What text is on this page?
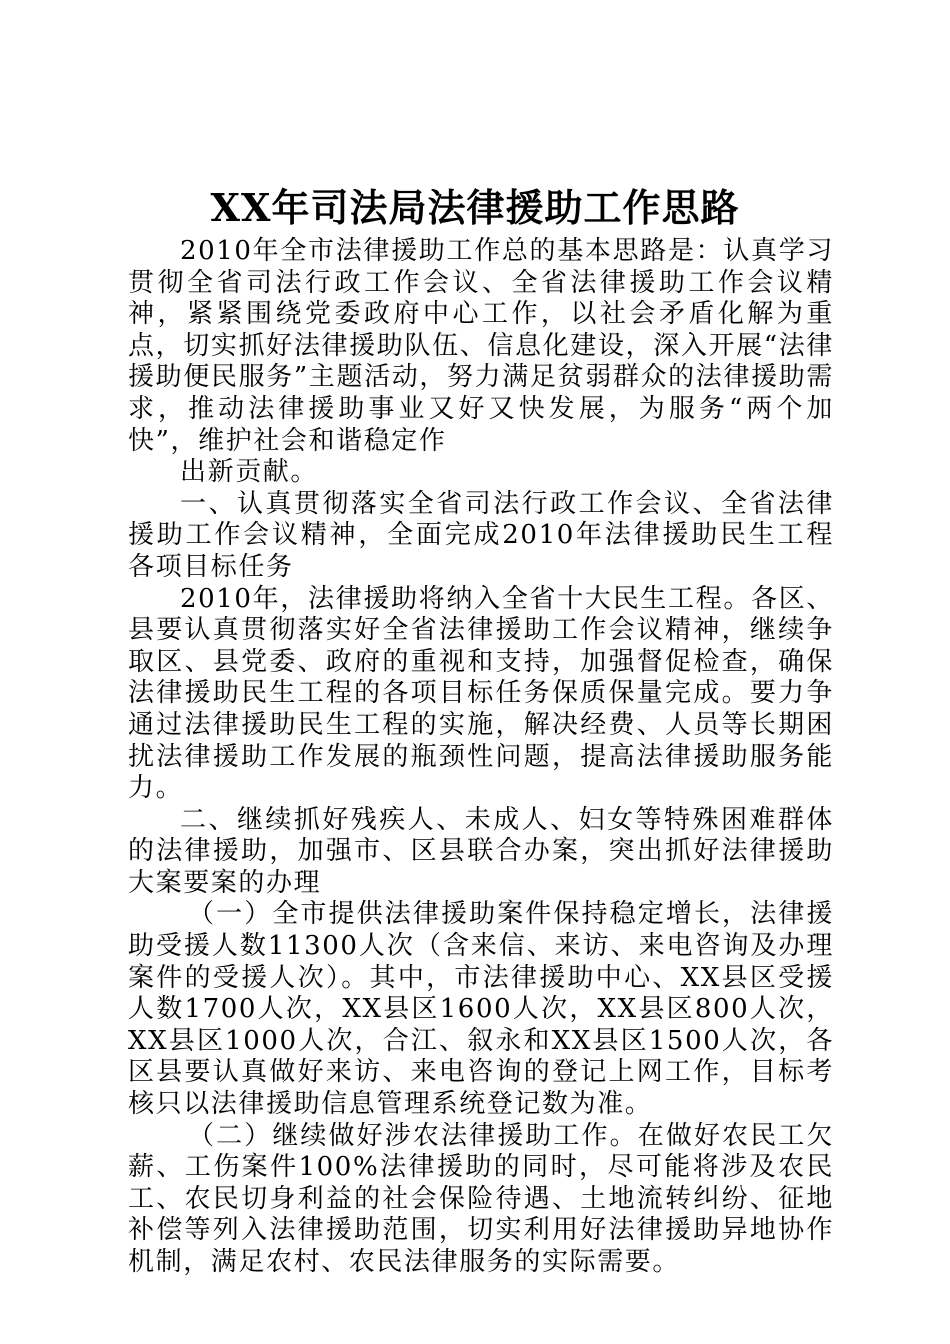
XX年司法局法律援助工作思路

2010年全市法律援助工作总的基本思路是：认真学习贯彻全省司法行政工作会议、全省法律援助工作会议精神，紧紧围绕党委政府中心工作，以社会矛盾化解为重点，切实抓好法律援助队伍、信息化建设，深入开展“法律援助便民服务”主题活动，努力满足贫弱群众的法律援助需求，推动法律援助事业又好又快发展，为服务“两个加快”，维护社会和谐稳定作

出新贡献。

一、认真贯彻落实全省司法行政工作会议、全省法律援助工作会议精神，全面完成2010年法律援助民生工程各项目标任务

2010年，法律援助将纳入全省十大民生工程。各区、县要认真贯彻落实好全省法律援助工作会议精神，继续争取区、县党委、政府的重视和支持，加强督促检查，确保法律援助民生工程的各项目标任务保质保量完成。要力争通过法律援助民生工程的实施，解决经费、人员等长期困扰法律援助工作发展的瓶颈性问题，提高法律援助服务能力。

二、继续抓好残疾人、未成人、妇女等特殊困难群体的法律援助，加强市、区县联合办案，突出抓好法律援助大案要案的办理

（一）全市提供法律援助案件保持稳定增长，法律援助受援人数11300人次（含来信、来访、来电咨询及办理案件的受援人次）。其中，市法律援助中心、XX县区受援人数1700人次，XX县区1600人次，XX县区800人次，XX县区1000人次，合江、叙永和XX县区1500人次，各区县要认真做好来访、来电咨询的登记上网工作，目标考核只以法律援助信息管理系统登记数为准。

（二）继续做好涉农法律援助工作。在做好农民工欠薪、工伤案件100%法律援助的同时，尽可能将涉及农民工、农民切身利益的社会保险待遇、土地流转纠纷、征地补偿等列入法律援助范围，切实利用好法律援助异地协作机制，满足农村、农民法律服务的实际需要。
